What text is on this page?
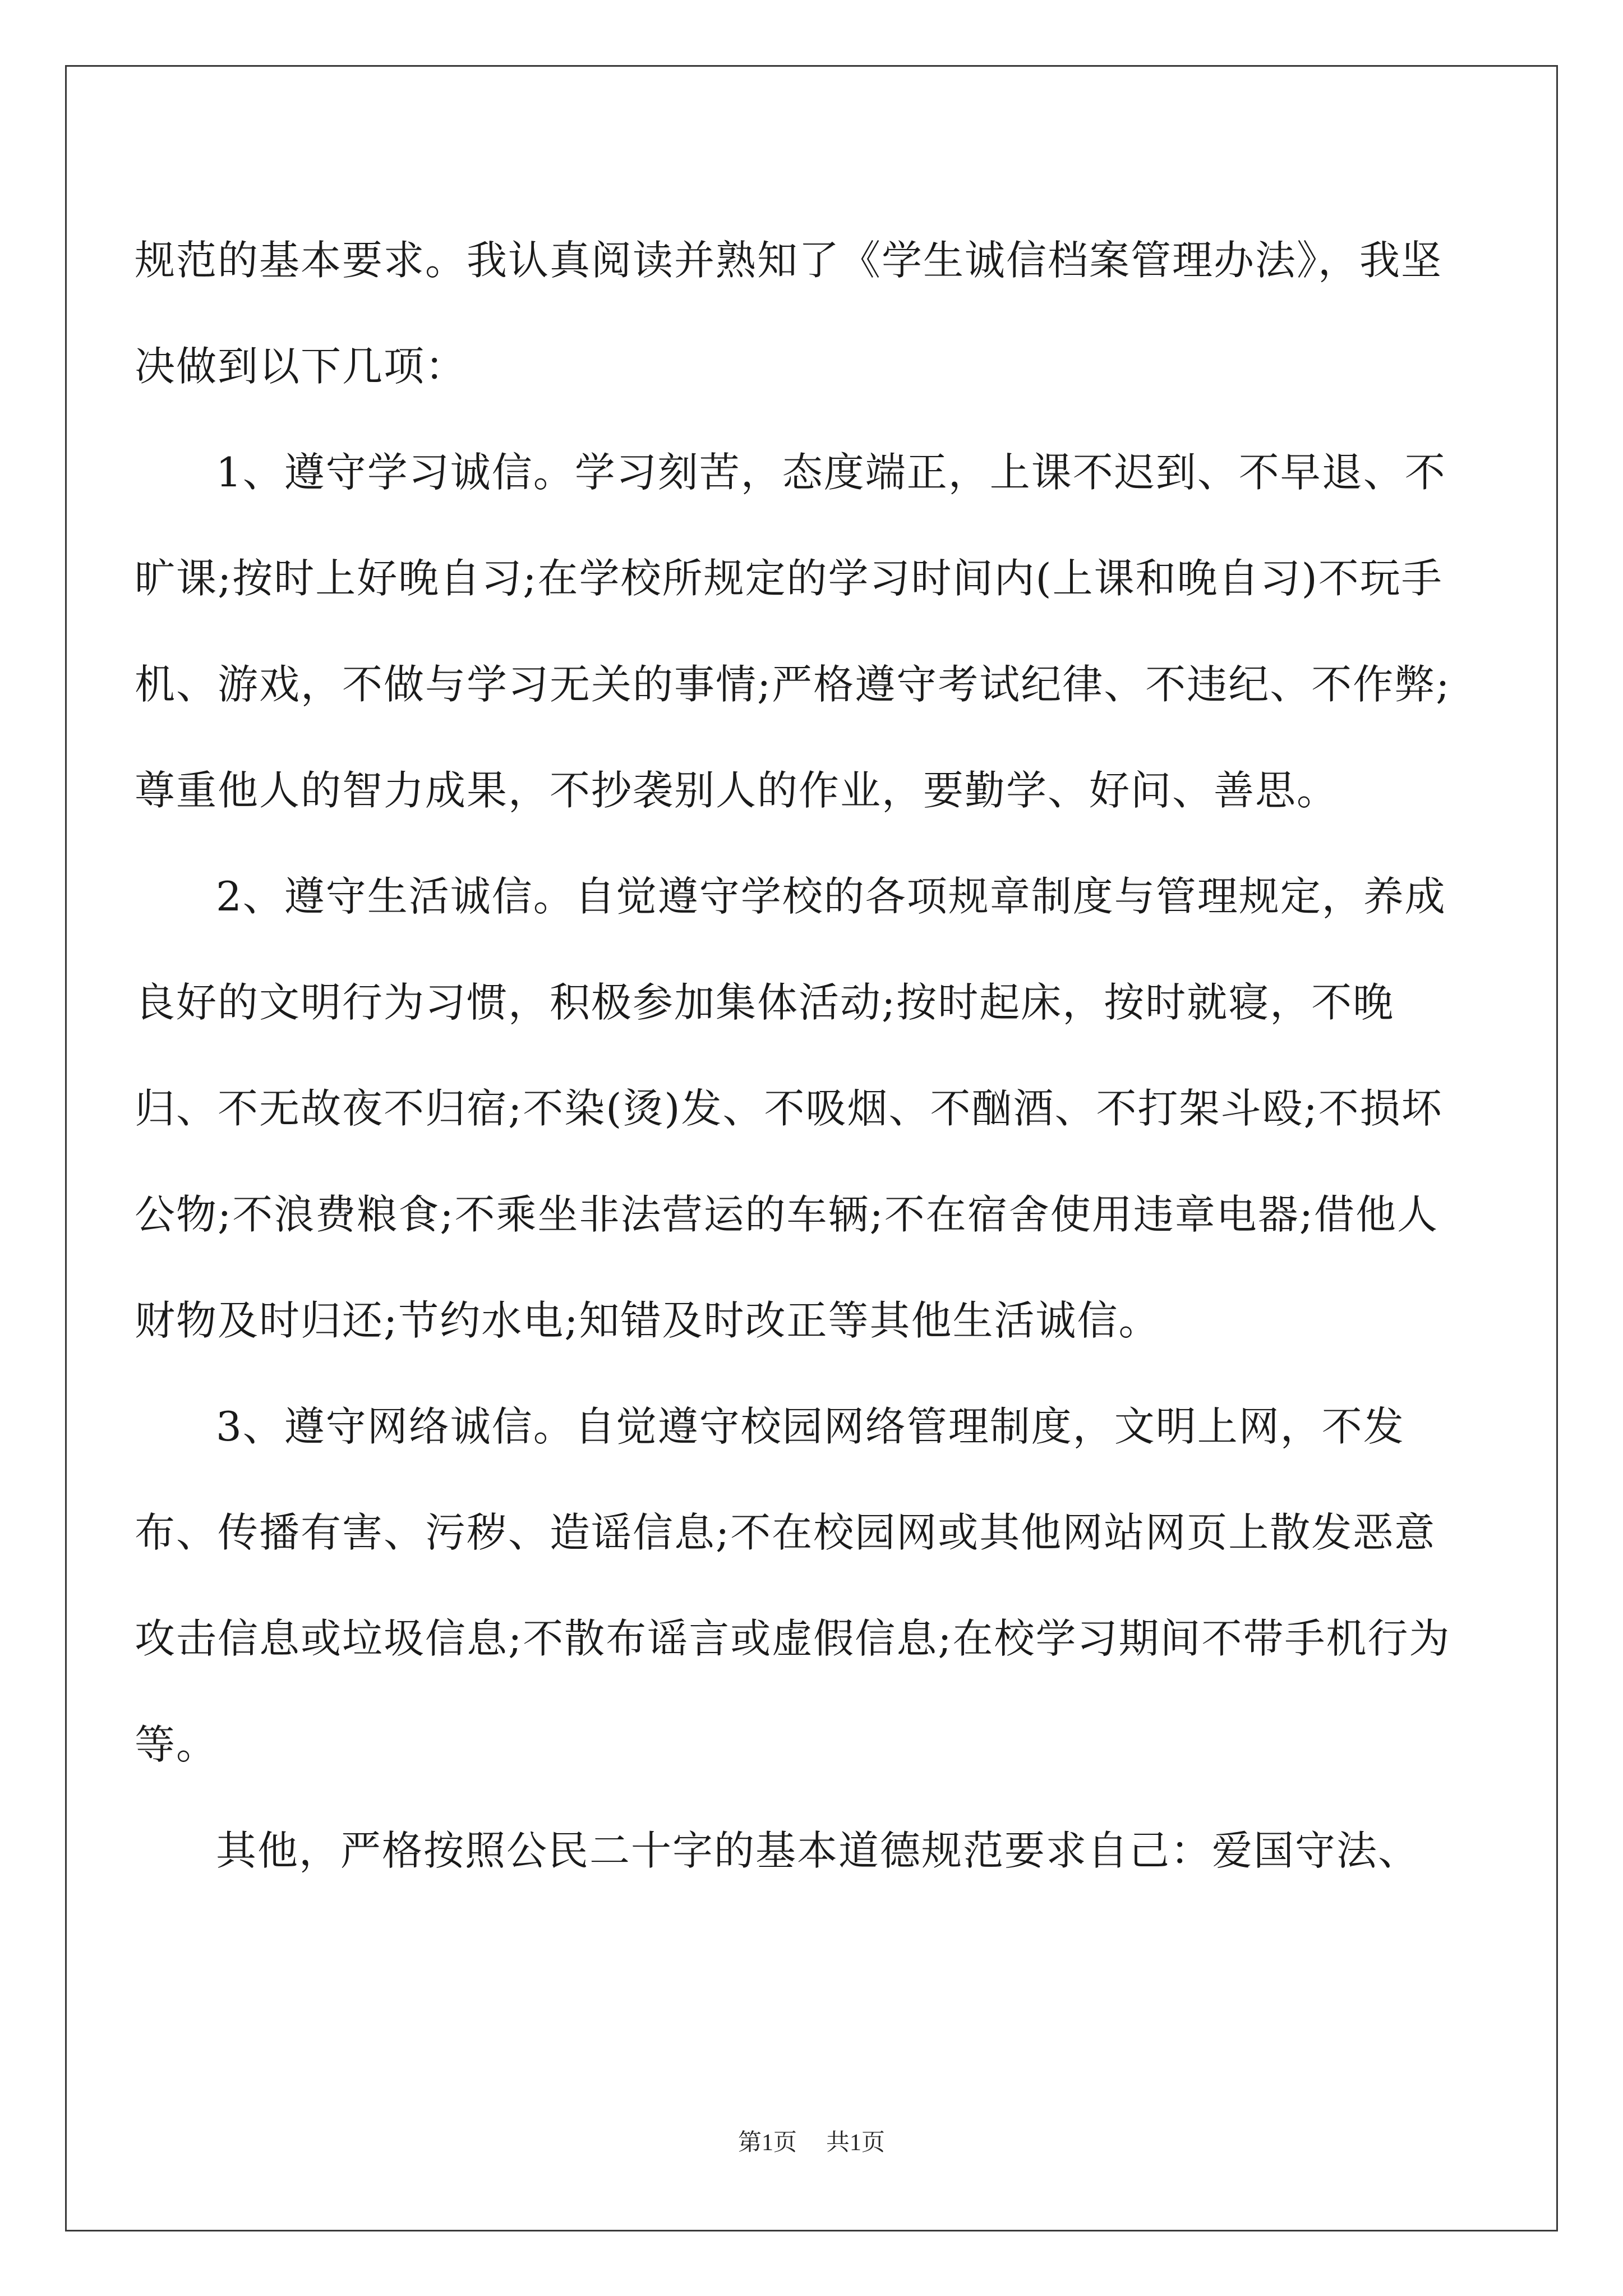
规范的基本要求。我认真阅读并熟知了《学生诚信档案管理办法》，我坚决做到以下几项：

1、遵守学习诚信。学习刻苦，态度端正，上课不迟到、不早退、不旷课;按时上好晚自习;在学校所规定的学习时间内(上课和晚自习)不玩手机、游戏，不做与学习无关的事情;严格遵守考试纪律、不违纪、不作弊;尊重他人的智力成果，不抄袭别人的作业，要勤学、好问、善思。

2、遵守生活诚信。自觉遵守学校的各项规章制度与管理规定，养成良好的文明行为习惯，积极参加集体活动;按时起床，按时就寝，不晚归、不无故夜不归宿;不染(烫)发、不吸烟、不酗酒、不打架斗殴;不损坏公物;不浪费粮食;不乘坐非法营运的车辆;不在宿舍使用违章电器;借他人财物及时归还;节约水电;知错及时改正等其他生活诚信。

3、遵守网络诚信。自觉遵守校园网络管理制度，文明上网，不发布、传播有害、污秽、造谣信息;不在校园网或其他网站网页上散发恶意攻击信息或垃圾信息;不散布谣言或虚假信息;在校学习期间不带手机行为等。

其他，严格按照公民二十字的基本道德规范要求自己：爱国守法、

第1页 共1页
